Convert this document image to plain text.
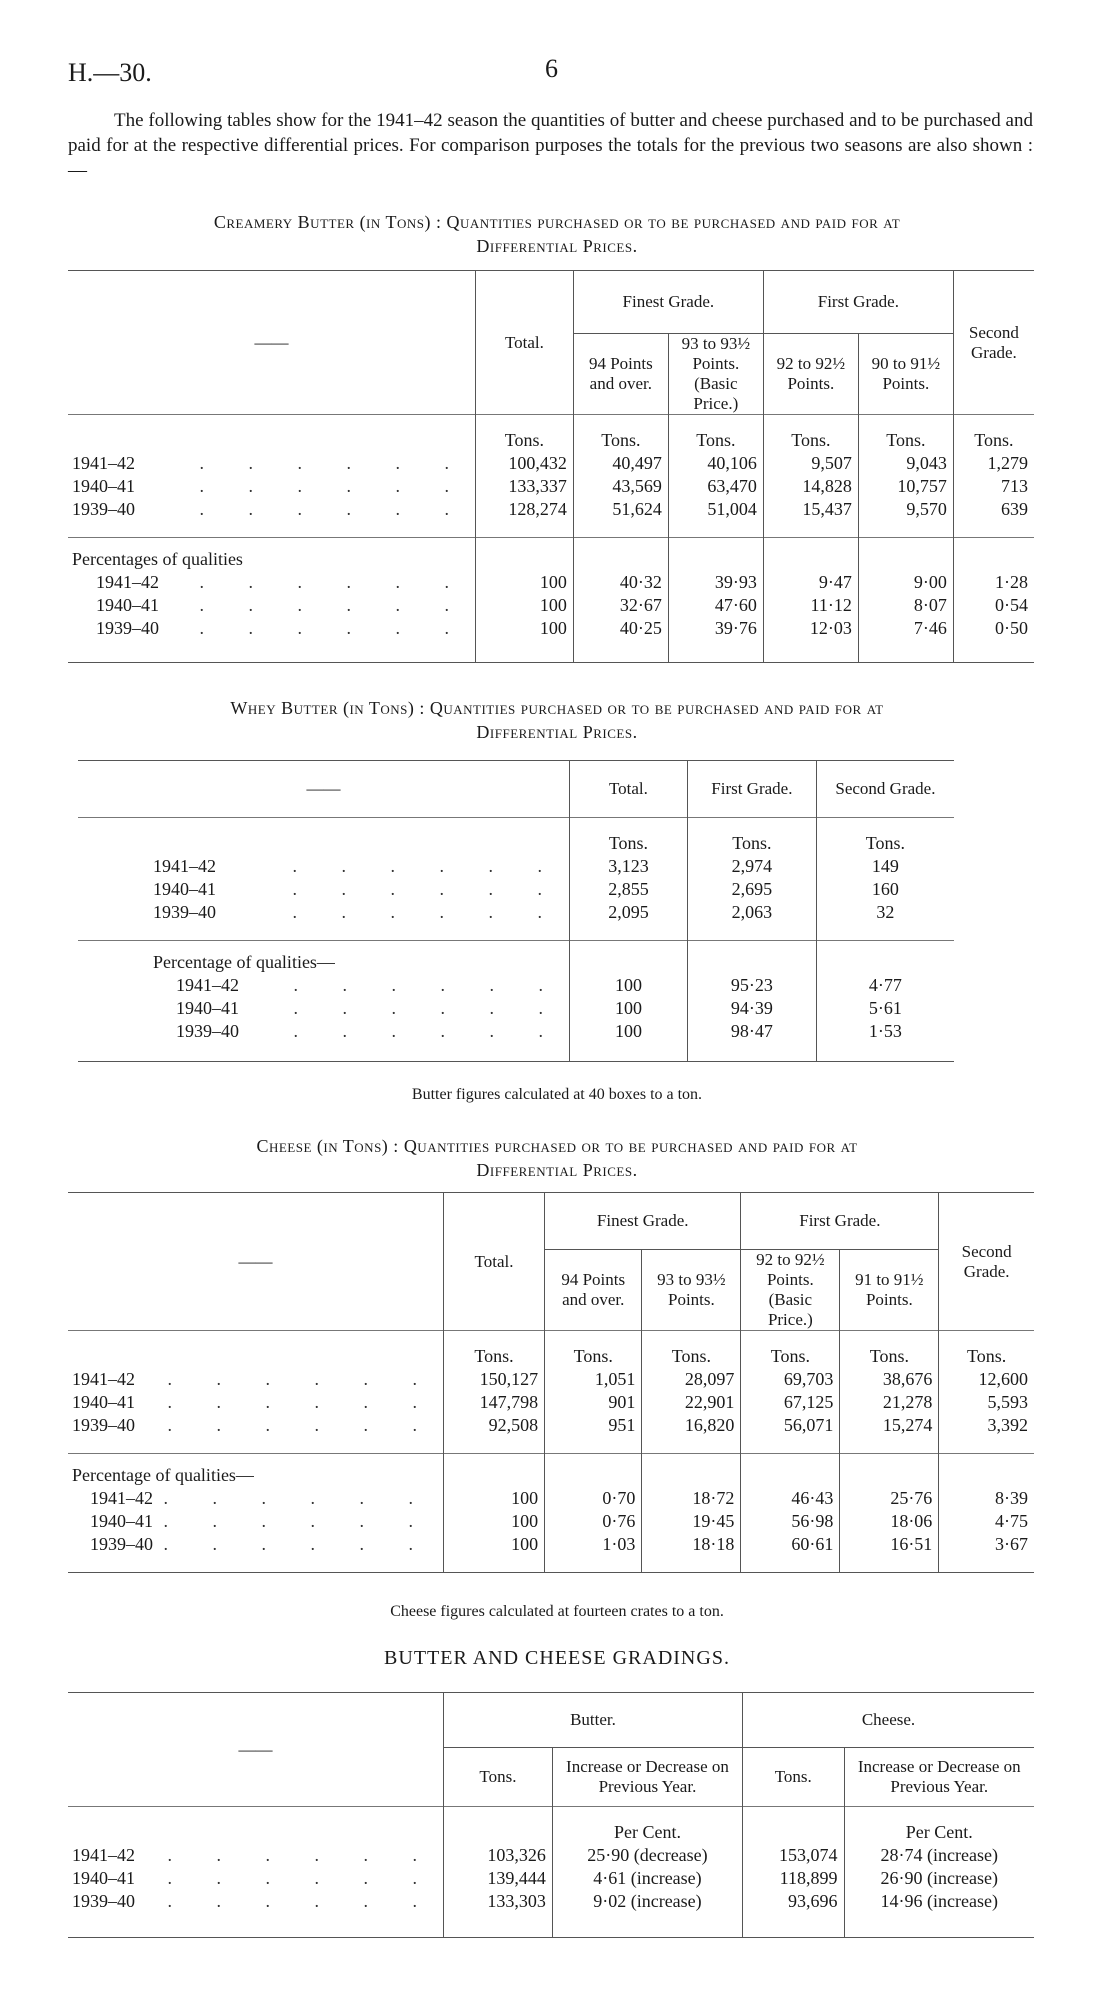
H.—30.	6

The following tables show for the 1941–42 season the quantities of butter and cheese purchased and to be purchased and paid for at the respective differential prices. For comparison purposes the totals for the previous two seasons are also shown :—

Creamery Butter (in Tons) : Quantities purchased or to be purchased and paid for at
Differential Prices.
——	Total.	Finest Grade.		First Grade.		Second Grade.
		94 Points and over.	93 to 93½ Points. (Basic Price.)	92 to 92½ Points.	90 to 91½ Points.	

	Tons.	Tons.	Tons.	Tons.	Tons.	Tons.
1941–42 . . . . . .	100,432	40,497	40,106	9,507	9,043	1,279
1940–41 . . . . . .	133,337	43,569	63,470	14,828	10,757	713
1939–40 . . . . . .	128,274	51,624	51,004	15,437	9,570	639

Percentages of qualities						
1941–42 . . . . . .	100	40·32	39·93	9·47	9·00	1·28
1940–41 . . . . . .	100	32·67	47·60	11·12	8·07	0·54
1939–40 . . . . . .	100	40·25	39·76	12·03	7·46	0·50
Whey Butter (in Tons) : Quantities purchased or to be purchased and paid for at
Differential Prices.
——	Total.	First Grade.	Second Grade.

	Tons.	Tons.	Tons.
1941–42 . . . . . .	3,123	2,974	149
1940–41 . . . . . .	2,855	2,695	160
1939–40 . . . . . .	2,095	2,063	32

Percentage of qualities—			
1941–42 . . . . . .	100	95·23	4·77
1940–41 . . . . . .	100	94·39	5·61
1939–40 . . . . . .	100	98·47	1·53
Butter figures calculated at 40 boxes to a ton.
Cheese (in Tons) : Quantities purchased or to be purchased and paid for at
Differential Prices.
——	Total.	Finest Grade.		First Grade.		Second Grade.
		94 Points and over.	93 to 93½ Points.	92 to 92½ Points. (Basic Price.)	91 to 91½ Points.	

	Tons.	Tons.	Tons.	Tons.	Tons.	Tons.
1941–42 . . . . . .	150,127	1,051	28,097	69,703	38,676	12,600
1940–41 . . . . . .	147,798	901	22,901	67,125	21,278	5,593
1939–40 . . . . . .	92,508	951	16,820	56,071	15,274	3,392

Percentage of qualities—						
1941–42 . . . . . .	100	0·70	18·72	46·43	25·76	8·39
1940–41 . . . . . .	100	0·76	19·45	56·98	18·06	4·75
1939–40 . . . . . .	100	1·03	18·18	60·61	16·51	3·67
Cheese figures calculated at fourteen crates to a ton.
BUTTER AND CHEESE GRADINGS.
——	Butter.		Cheese.	
	Tons.	Increase or Decrease on Previous Year.	Tons.	Increase or Decrease on Previous Year.

		Per Cent.		Per Cent.
1941–42 . . . . . .	103,326	25·90 (decrease)	153,074	28·74 (increase)
1940–41 . . . . . .	139,444	4·61 (increase)	118,899	26·90 (increase)
1939–40 . . . . . .	133,303	9·02 (increase)	93,696	14·96 (increase)
